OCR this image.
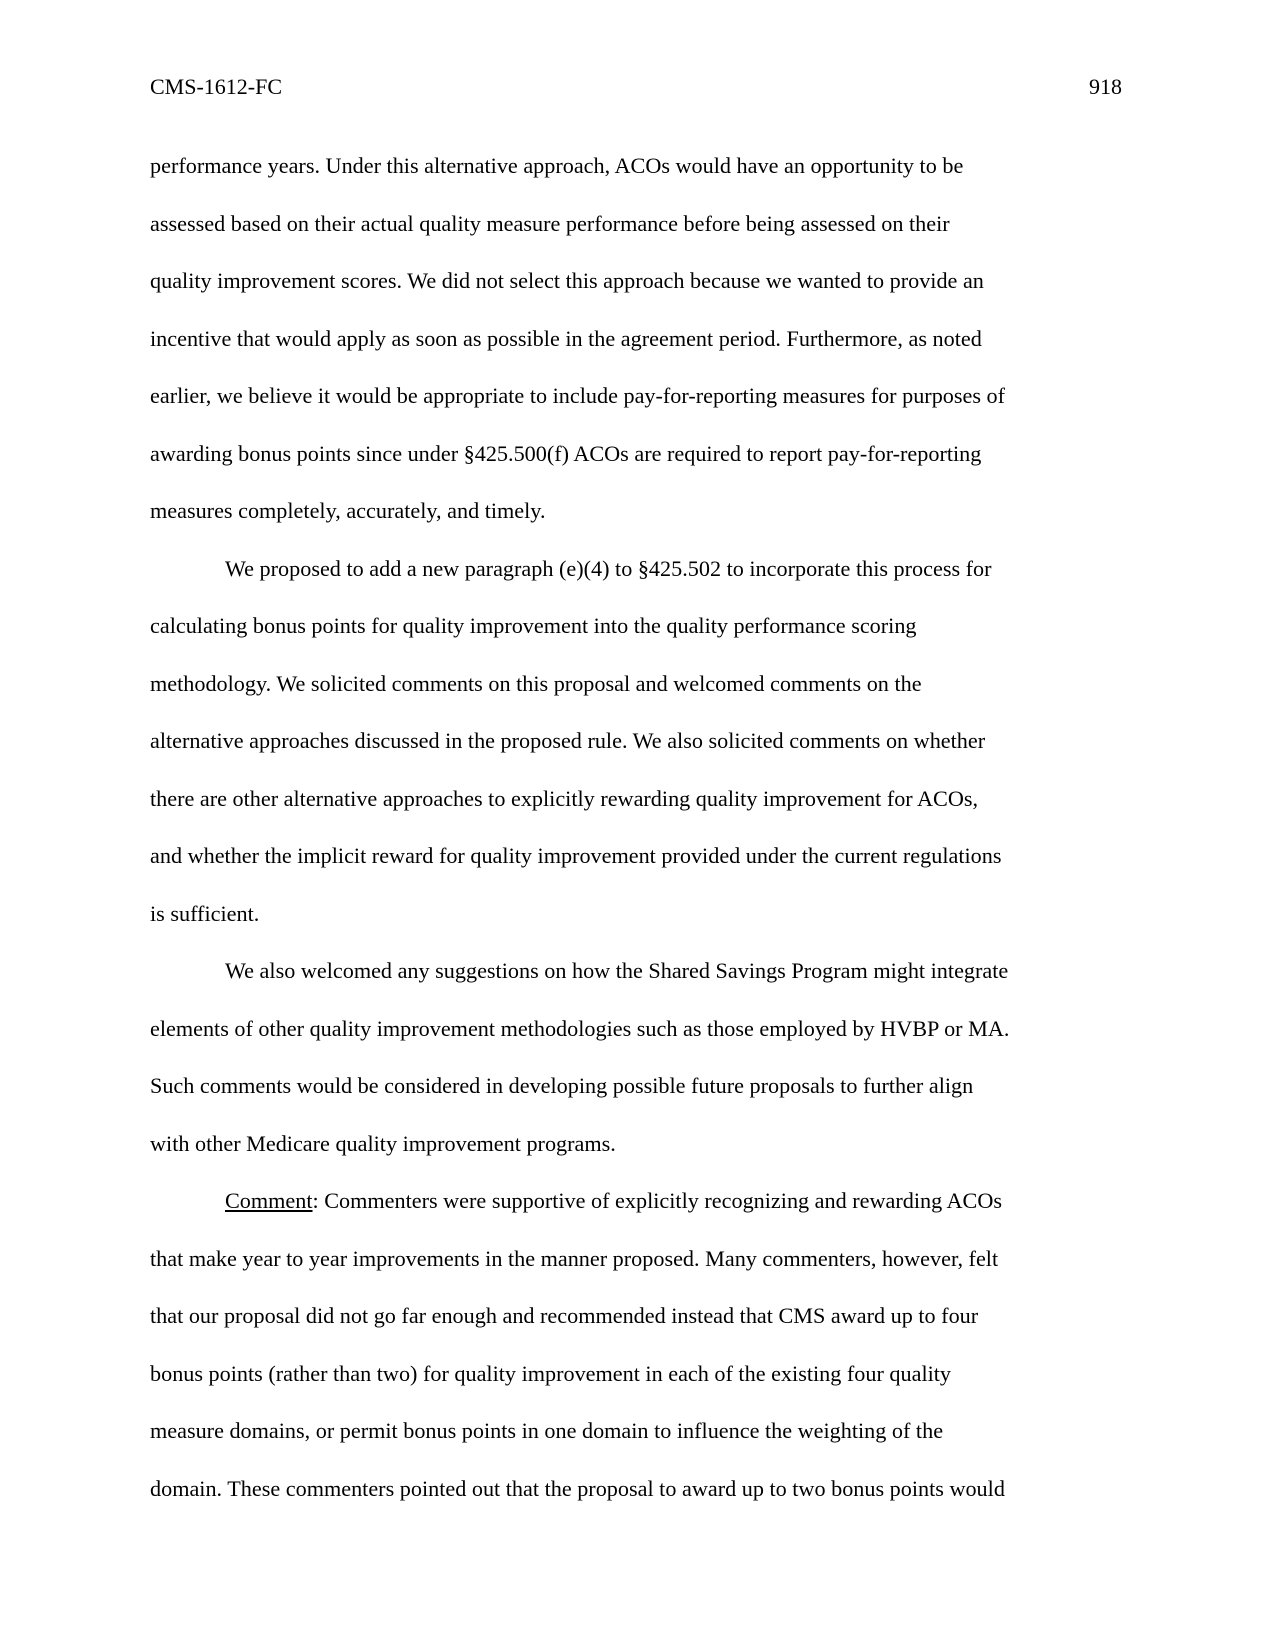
CMS-1612-FC	918
performance years. Under this alternative approach, ACOs would have an opportunity to be
assessed based on their actual quality measure performance before being assessed on their
quality improvement scores. We did not select this approach because we wanted to provide an
incentive that would apply as soon as possible in the agreement period. Furthermore, as noted
earlier, we believe it would be appropriate to include pay-for-reporting measures for purposes of
awarding bonus points since under §425.500(f) ACOs are required to report pay-for-reporting
measures completely, accurately, and timely.
We proposed to add a new paragraph (e)(4) to §425.502 to incorporate this process for
calculating bonus points for quality improvement into the quality performance scoring
methodology. We solicited comments on this proposal and welcomed comments on the
alternative approaches discussed in the proposed rule. We also solicited comments on whether
there are other alternative approaches to explicitly rewarding quality improvement for ACOs,
and whether the implicit reward for quality improvement provided under the current regulations
is sufficient.
We also welcomed any suggestions on how the Shared Savings Program might integrate
elements of other quality improvement methodologies such as those employed by HVBP or MA.
Such comments would be considered in developing possible future proposals to further align
with other Medicare quality improvement programs.
Comment: Commenters were supportive of explicitly recognizing and rewarding ACOs
that make year to year improvements in the manner proposed. Many commenters, however, felt
that our proposal did not go far enough and recommended instead that CMS award up to four
bonus points (rather than two) for quality improvement in each of the existing four quality
measure domains, or permit bonus points in one domain to influence the weighting of the
domain. These commenters pointed out that the proposal to award up to two bonus points would
